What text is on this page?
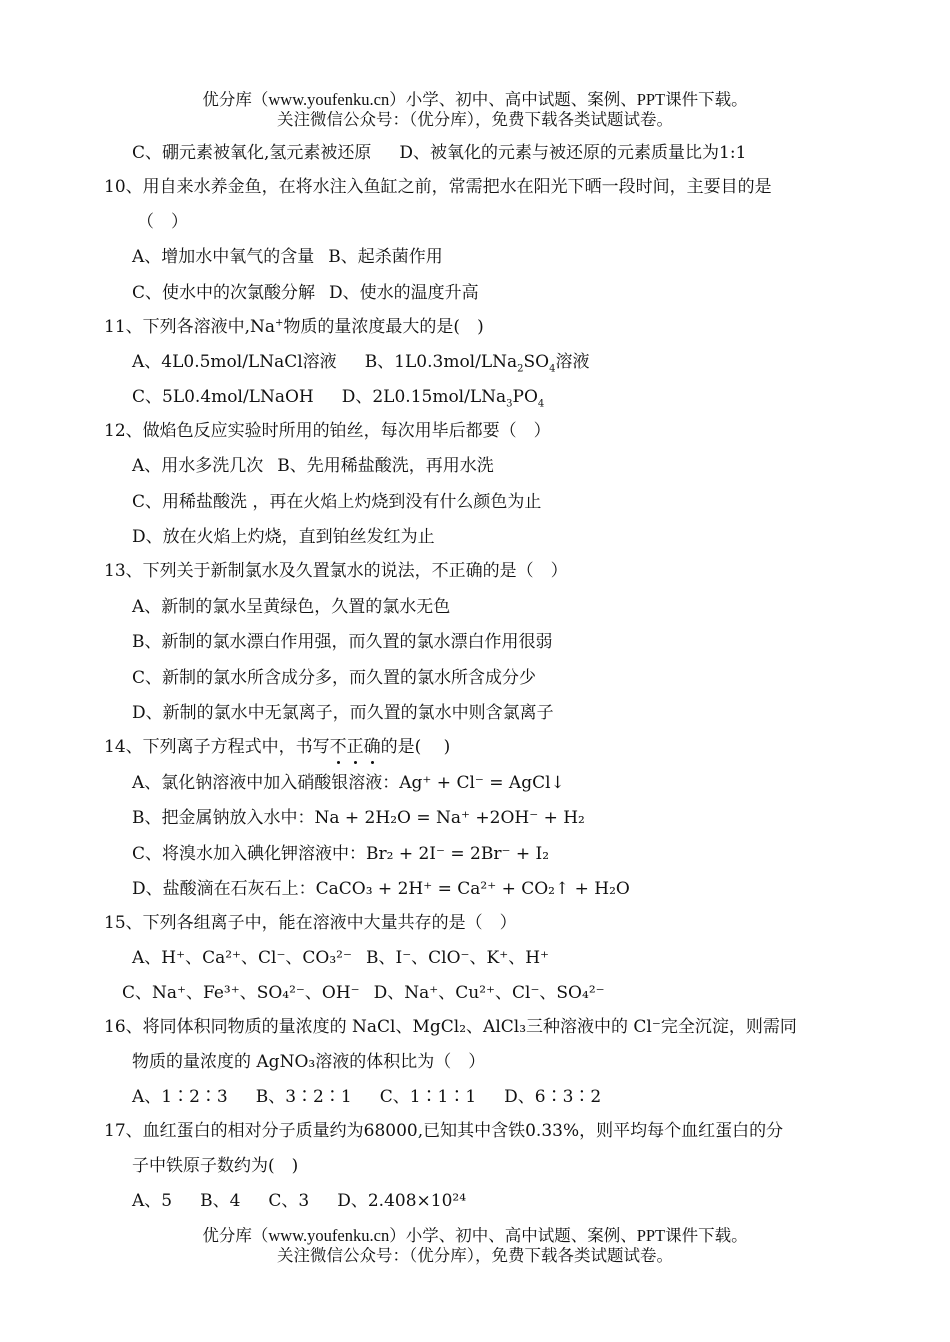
优分库（www.youfenku.cn）小学、初中、高中试题、案例、PPT课件下载。
关注微信公众号：（优分库），免费下载各类试题试卷。
C、硼元素被氧化,氢元素被还原 D、被氧化的元素与被还原的元素质量比为1:1
10、用自来水养金鱼，在将水注入鱼缸之前，常需把水在阳光下晒一段时间，主要目的是
（　）
A、增加水中氧气的含量 B、起杀菌作用
C、使水中的次氯酸分解 D、使水的温度升高
11、下列各溶液中,Na+物质的量浓度最大的是(　)
A、4L0.5mol/LNaCl溶液 B、$1L0.3mol/LNa_2SO_4$溶液
C、5L0.4mol/LNaOH D、$2L0.15mol/LNa_3PO_4$
12、做焰色反应实验时所用的铂丝，每次用毕后都要（　）
A、用水多洗几次 B、先用稀盐酸洗，再用水洗
C、用稀盐酸洗 ，再在火焰上灼烧到没有什么颜色为止
D、放在火焰上灼烧，直到铂丝发红为止
13、下列关于新制氯水及久置氯水的说法，不正确的是（　）
A、新制的氯水呈黄绿色，久置的氯水无色
B、新制的氯水漂白作用强，而久置的氯水漂白作用很弱
C、新制的氯水所含成分多，而久置的氯水所含成分少
D、新制的氯水中无氯离子，而久置的氯水中则含氯离子
14、下列离子方程式中，书写不正确的是(　 )
A、氯化钠溶液中加入硝酸银溶液：Ag⁺ + Cl⁻ = AgCl↓
B、把金属钠放入水中：Na + 2H₂O = Na⁺ +2OH⁻ + H₂
C、将溴水加入碘化钾溶液中：Br₂ + 2I⁻ = 2Br⁻ + I₂
D、盐酸滴在石灰石上：CaCO₃ + 2H⁺ = Ca²⁺ + CO₂↑ + H₂O
15、下列各组离子中，能在溶液中大量共存的是（　）
A、H⁺、Ca²⁺、Cl⁻、CO₃²⁻ B、I⁻、ClO⁻、K⁺、H⁺
C、Na⁺、Fe³⁺、SO₄²⁻、OH⁻ D、Na⁺、Cu²⁺、Cl⁻、SO₄²⁻
16、将同体积同物质的量浓度的 NaCl、MgCl₂、AlCl₃三种溶液中的 Cl⁻完全沉淀，则需同
物质的量浓度的 AgNO₃溶液的体积比为（　）
A、1∶2∶3 B、3∶2∶1 C、1∶1∶1 D、6∶3∶2
17、血红蛋白的相对分子质量约为68000,已知其中含铁0.33%，则平均每个血红蛋白的分
子中铁原子数约为(　)
A、5 B、4 C、3 D、2.408×10²⁴
优分库（www.youfenku.cn）小学、初中、高中试题、案例、PPT课件下载。
关注微信公众号：（优分库），免费下载各类试题试卷。
